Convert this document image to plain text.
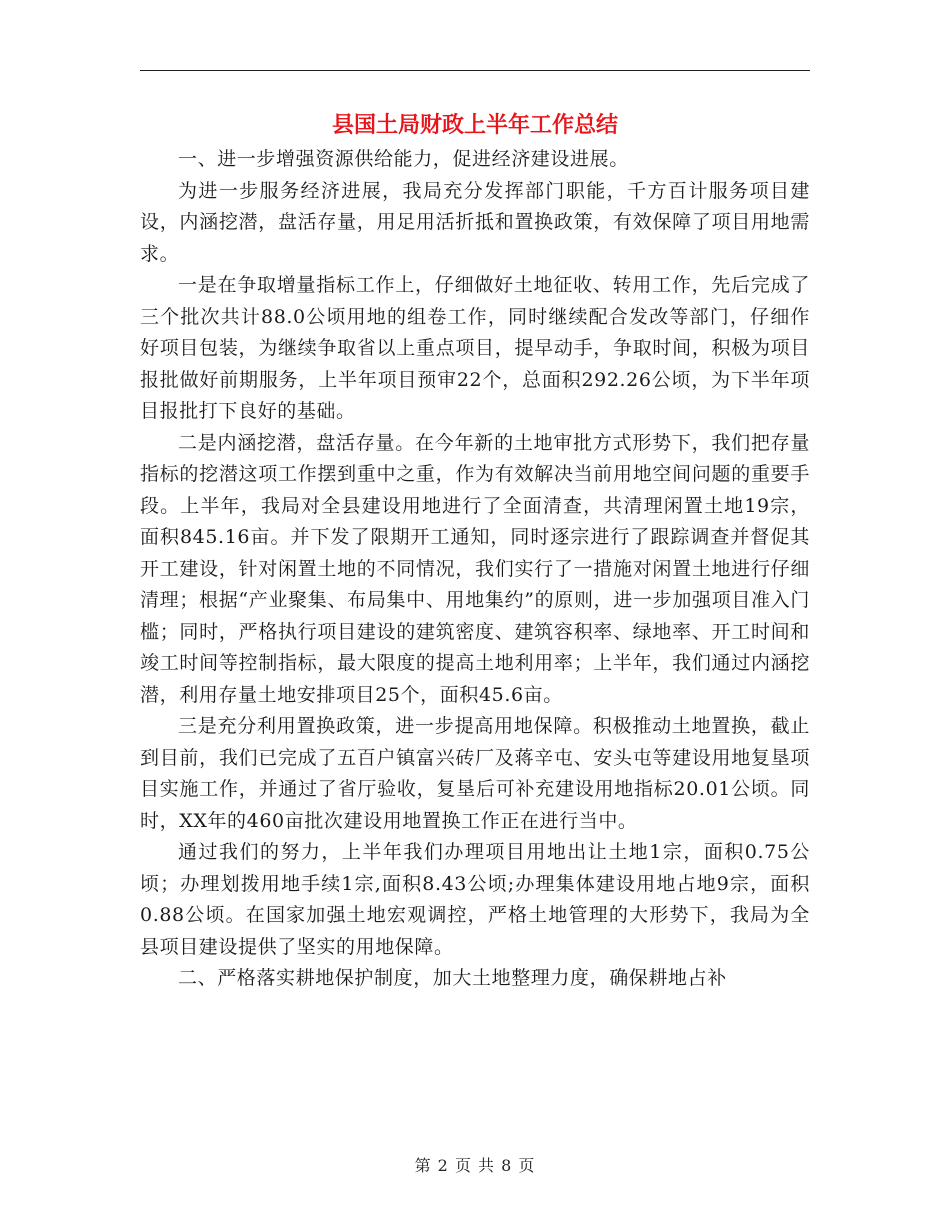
县国土局财政上半年工作总结

一、进一步增强资源供给能力，促进经济建设进展。

为进一步服务经济进展，我局充分发挥部门职能，千方百计服务项目建设，内涵挖潜，盘活存量，用足用活折抵和置换政策，有效保障了项目用地需求。

一是在争取增量指标工作上，仔细做好土地征收、转用工作，先后完成了三个批次共计88.0公顷用地的组卷工作，同时继续配合发改等部门，仔细作好项目包装，为继续争取省以上重点项目，提早动手，争取时间，积极为项目报批做好前期服务，上半年项目预审22个，总面积292.26公顷，为下半年项目报批打下良好的基础。

二是内涵挖潜，盘活存量。在今年新的土地审批方式形势下，我们把存量指标的挖潜这项工作摆到重中之重，作为有效解决当前用地空间问题的重要手段。上半年，我局对全县建设用地进行了全面清查，共清理闲置土地19宗，面积845.16亩。并下发了限期开工通知，同时逐宗进行了跟踪调查并督促其开工建设，针对闲置土地的不同情况，我们实行了一措施对闲置土地进行仔细清理；根据“产业聚集、布局集中、用地集约”的原则，进一步加强项目准入门槛；同时，严格执行项目建设的建筑密度、建筑容积率、绿地率、开工时间和竣工时间等控制指标，最大限度的提高土地利用率；上半年，我们通过内涵挖潜，利用存量土地安排项目25个，面积45.6亩。

三是充分利用置换政策，进一步提高用地保障。积极推动土地置换，截止到目前，我们已完成了五百户镇富兴砖厂及蒋辛屯、安头屯等建设用地复垦项目实施工作，并通过了省厅验收，复垦后可补充建设用地指标20.01公顷。同时，XX年的460亩批次建设用地置换工作正在进行当中。

通过我们的努力，上半年我们办理项目用地出让土地1宗，面积0.75公顷；办理划拨用地手续1宗,面积8.43公顷;办理集体建设用地占地9宗，面积0.88公顷。在国家加强土地宏观调控，严格土地管理的大形势下，我局为全县项目建设提供了坚实的用地保障。

二、严格落实耕地保护制度，加大土地整理力度，确保耕地占补

第 2 页 共 8 页
